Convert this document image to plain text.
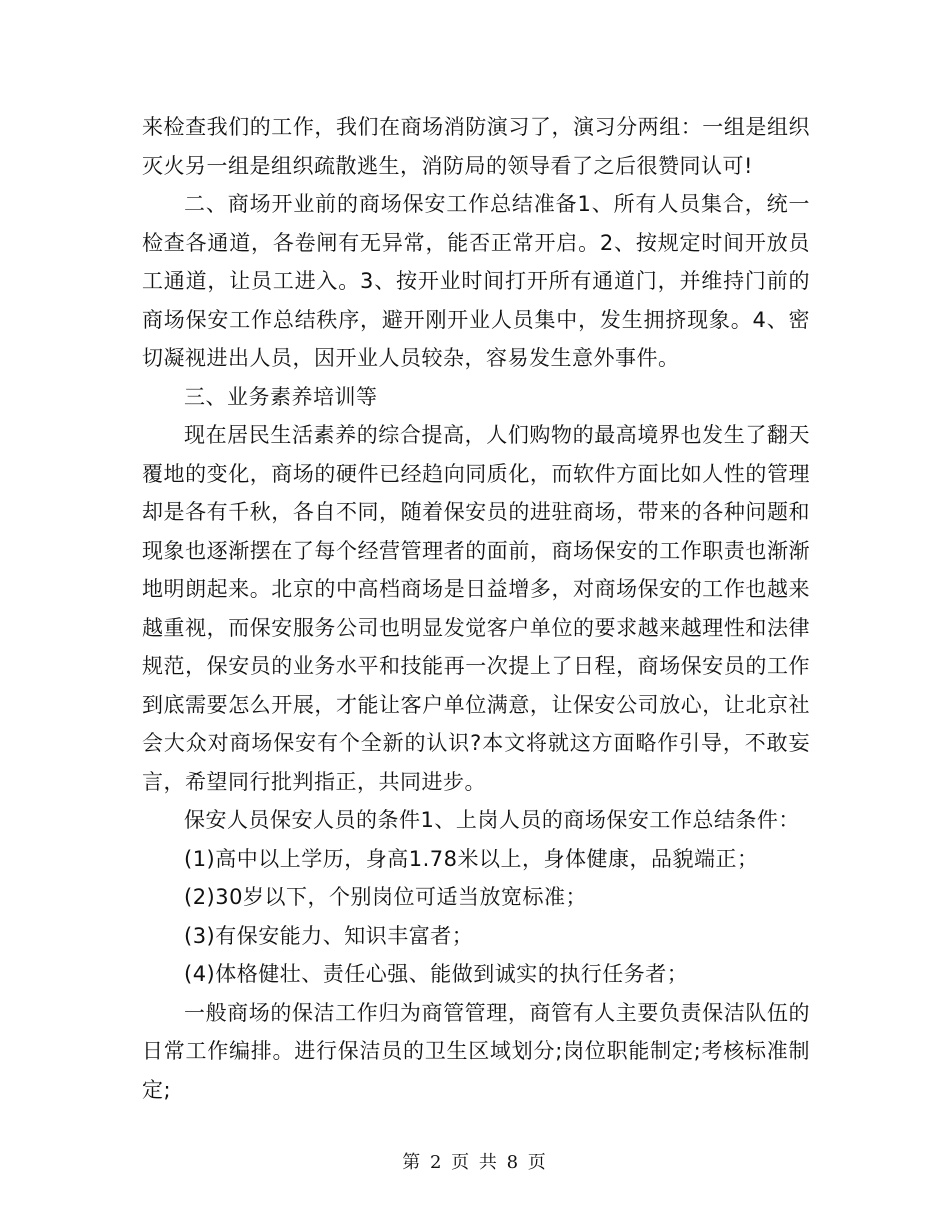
来检查我们的工作，我们在商场消防演习了，演习分两组：一组是组织灭火另一组是组织疏散逃生，消防局的领导看了之后很赞同认可!

二、商场开业前的商场保安工作总结准备1、所有人员集合，统一检查各通道，各卷闸有无异常，能否正常开启。2、按规定时间开放员工通道，让员工进入。3、按开业时间打开所有通道门，并维持门前的商场保安工作总结秩序，避开刚开业人员集中，发生拥挤现象。4、密切凝视进出人员，因开业人员较杂，容易发生意外事件。

三、业务素养培训等

现在居民生活素养的综合提高，人们购物的最高境界也发生了翻天覆地的变化，商场的硬件已经趋向同质化，而软件方面比如人性的管理却是各有千秋，各自不同，随着保安员的进驻商场，带来的各种问题和现象也逐渐摆在了每个经营管理者的面前，商场保安的工作职责也渐渐地明朗起来。北京的中高档商场是日益增多，对商场保安的工作也越来越重视，而保安服务公司也明显发觉客户单位的要求越来越理性和法律规范，保安员的业务水平和技能再一次提上了日程，商场保安员的工作到底需要怎么开展，才能让客户单位满意，让保安公司放心，让北京社会大众对商场保安有个全新的认识?本文将就这方面略作引导，不敢妄言，希望同行批判指正，共同进步。

保安人员保安人员的条件1、上岗人员的商场保安工作总结条件：

(1)高中以上学历，身高1.78米以上，身体健康，品貌端正；

(2)30岁以下，个别岗位可适当放宽标准；

(3)有保安能力、知识丰富者；

(4)体格健壮、责任心强、能做到诚实的执行任务者；

一般商场的保洁工作归为商管管理，商管有人主要负责保洁队伍的日常工作编排。进行保洁员的卫生区域划分;岗位职能制定;考核标准制定;

第 2 页 共 8 页
